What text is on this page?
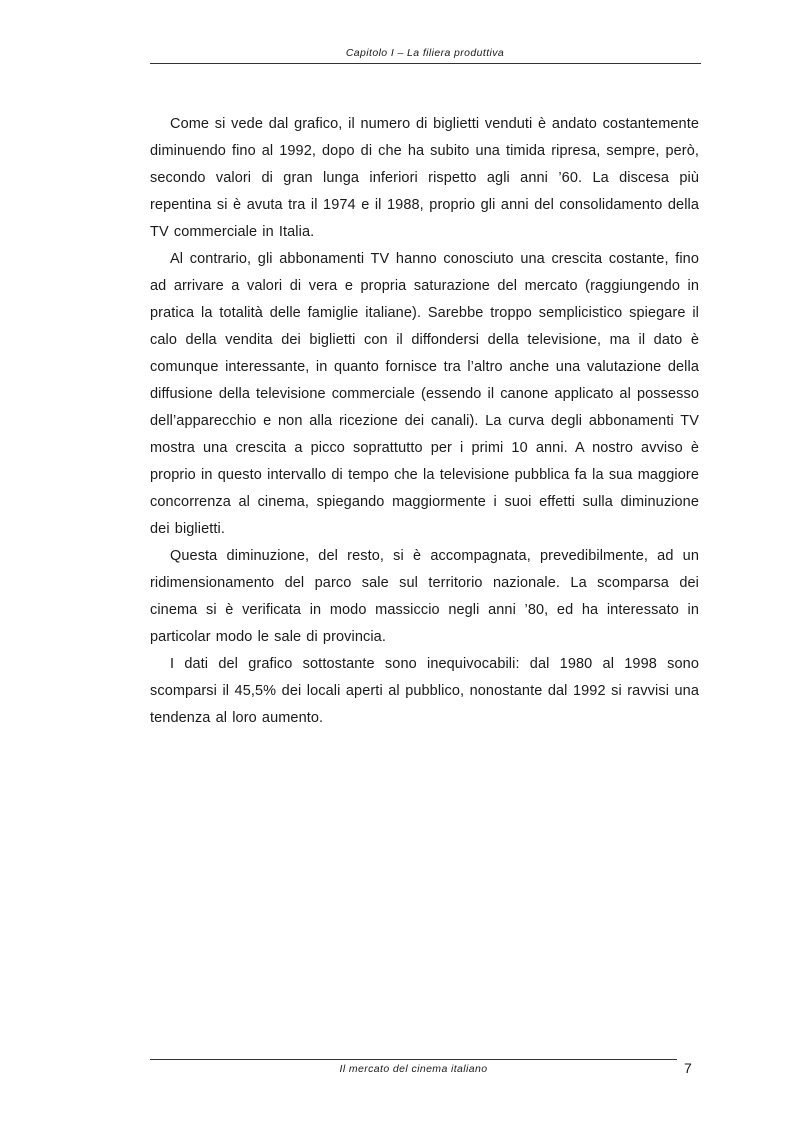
Capitolo I – La filiera produttiva

Come si vede dal grafico, il numero di biglietti venduti è andato costantemente diminuendo fino al 1992, dopo di che ha subito una timida ripresa, sempre, però, secondo valori di gran lunga inferiori rispetto agli anni ’60. La discesa più repentina si è avuta tra il 1974 e il 1988, proprio gli anni del consolidamento della TV commerciale in Italia.

Al contrario, gli abbonamenti TV hanno conosciuto una crescita costante, fino ad arrivare a valori di vera e propria saturazione del mercato (raggiungendo in pratica la totalità delle famiglie italiane). Sarebbe troppo semplicistico spiegare il calo della vendita dei biglietti con il diffondersi della televisione, ma il dato è comunque interessante, in quanto fornisce tra l’altro anche una valutazione della diffusione della televisione commerciale (essendo il canone applicato al possesso dell’apparecchio e non alla ricezione dei canali). La curva degli abbonamenti TV mostra una crescita a picco soprattutto per i primi 10 anni. A nostro avviso è proprio in questo intervallo di tempo che la televisione pubblica fa la sua maggiore concorrenza al cinema, spiegando maggiormente i suoi effetti sulla diminuzione dei biglietti.

Questa diminuzione, del resto, si è accompagnata, prevedibilmente, ad un ridimensionamento del parco sale sul territorio nazionale. La scomparsa dei cinema si è verificata in modo massiccio negli anni ’80, ed ha interessato in particolar modo le sale di provincia.

I dati del grafico sottostante sono inequivocabili: dal 1980 al 1998 sono scomparsi il 45,5% dei locali aperti al pubblico, nonostante dal 1992 si ravvisi una tendenza al loro aumento.

Il mercato del cinema italiano	7
